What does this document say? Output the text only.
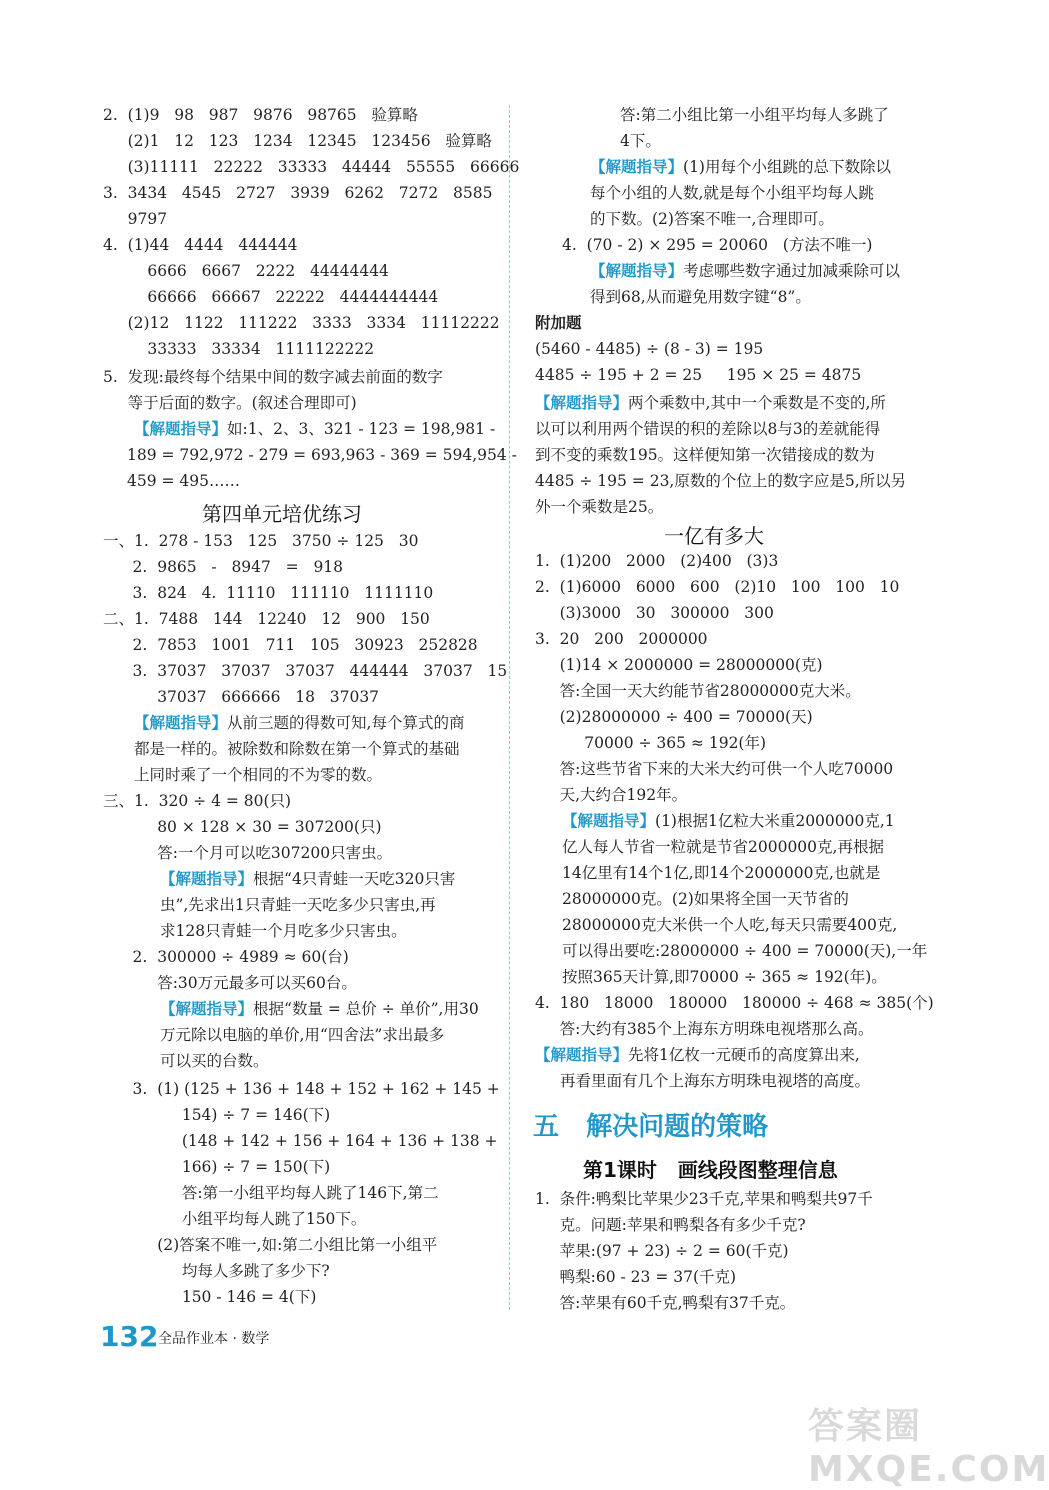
2.  (1)9   98   987   9876   98765   验算略
(2)1   12   123   1234   12345   123456   验算略
(3)11111   22222   33333   44444   55555   66666
3.  3434   4545   2727   3939   6262   7272   8585
9797
4.  (1)44   4444   444444
6666   6667   2222   44444444
66666   66667   22222   4444444444
(2)12   1122   111222   3333   3334   11112222
33333   33334   1111122222
5.  发现:最终每个结果中间的数字减去前面的数字
等于后面的数字。(叙述合理即可)
【解题指导】如:1、2、3、321 - 123 = 198,981 -
189 = 792,972 - 279 = 693,963 - 369 = 594,954 -
459 = 495……
第四单元培优练习
一、1.  278 - 153   125   3750 ÷ 125   30
2.  9865   -   8947   =   918
3.  824   4.  11110   111110   1111110
二、1.  7488   144   12240   12   900   150
2.  7853   1001   711   105   30923   252828
3.  37037   37037   37037   444444   37037   15
37037   666666   18   37037
【解题指导】从前三题的得数可知,每个算式的商
都是一样的。被除数和除数在第一个算式的基础
上同时乘了一个相同的不为零的数。
三、1.  320 ÷ 4 = 80(只)
80 × 128 × 30 = 307200(只)
答:一个月可以吃307200只害虫。
【解题指导】根据“4只青蛙一天吃320只害
虫”,先求出1只青蛙一天吃多少只害虫,再
求128只青蛙一个月吃多少只害虫。
2.  300000 ÷ 4989 ≈ 60(台)
答:30万元最多可以买60台。
【解题指导】根据“数量 = 总价 ÷ 单价”,用30
万元除以电脑的单价,用“四舍法”求出最多
可以买的台数。
3.  (1) (125 + 136 + 148 + 152 + 162 + 145 +
154) ÷ 7 = 146(下)
(148 + 142 + 156 + 164 + 136 + 138 +
166) ÷ 7 = 150(下)
答:第一小组平均每人跳了146下,第二
小组平均每人跳了150下。
(2)答案不唯一,如:第二小组比第一小组平
均每人多跳了多少下?
150 - 146 = 4(下)
答:第二小组比第一小组平均每人多跳了
4下。
【解题指导】(1)用每个小组跳的总下数除以
每个小组的人数,就是每个小组平均每人跳
的下数。(2)答案不唯一,合理即可。
4.  (70 - 2) × 295 = 20060   (方法不唯一)
【解题指导】考虑哪些数字通过加减乘除可以
得到68,从而避免用数字键“8”。
附加题
(5460 - 4485) ÷ (8 - 3) = 195
4485 ÷ 195 + 2 = 25     195 × 25 = 4875
【解题指导】两个乘数中,其中一个乘数是不变的,所
以可以利用两个错误的积的差除以8与3的差就能得
到不变的乘数195。这样便知第一次错接成的数为
4485 ÷ 195 = 23,原数的个位上的数字应是5,所以另
外一个乘数是25。
一亿有多大
1.  (1)200   2000   (2)400   (3)3
2.  (1)6000   6000   600   (2)10   100   100   10
(3)3000   30   300000   300
3.  20   200   2000000
(1)14 × 2000000 = 28000000(克)
答:全国一天大约能节省28000000克大米。
(2)28000000 ÷ 400 = 70000(天)
70000 ÷ 365 ≈ 192(年)
答:这些节省下来的大米大约可供一个人吃70000
天,大约合192年。
【解题指导】(1)根据1亿粒大米重2000000克,1
亿人每人节省一粒就是节省2000000克,再根据
14亿里有14个1亿,即14个2000000克,也就是
28000000克。(2)如果将全国一天节省的
28000000克大米供一个人吃,每天只需要400克,
可以得出要吃:28000000 ÷ 400 = 70000(天),一年
按照365天计算,即70000 ÷ 365 ≈ 192(年)。
4.  180   18000   180000   180000 ÷ 468 ≈ 385(个)
答:大约有385个上海东方明珠电视塔那么高。
【解题指导】先将1亿枚一元硬币的高度算出来,
再看里面有几个上海东方明珠电视塔的高度。
五   解决问题的策略
第1课时   画线段图整理信息
1.  条件:鸭梨比苹果少23千克,苹果和鸭梨共97千
克。问题:苹果和鸭梨各有多少千克?
苹果:(97 + 23) ÷ 2 = 60(千克)
鸭梨:60 - 23 = 37(千克)
答:苹果有60千克,鸭梨有37千克。
132 全品作业本 · 数学
答案圈 MXQE.COM
